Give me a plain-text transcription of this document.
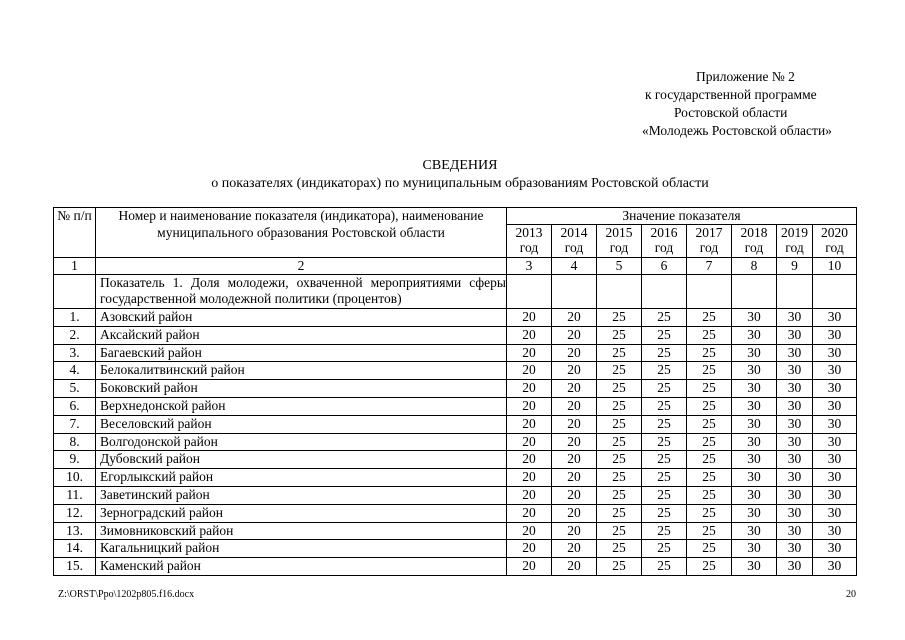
Приложение № 2
к государственной программе
Ростовской области
«Молодежь Ростовской области»
СВЕДЕНИЯ
о показателях (индикаторах) по муниципальным образованиям Ростовской области
№ п/п	Номер и наименование показателя (индикатора), наименование муниципального образования Ростовской области	Значение показателя							
		2013 год	2014 год	2015 год	2016 год	2017 год	2018 год	2019 год	2020 год

1	2	3	4	5	6	7	8	9	10
	Показатель 1. Доля молодежи, охваченной мероприятиями сферы государственной молодежной политики (процентов)								
1.	Азовский район	20	20	25	25	25	30	30	30
2.	Аксайский район	20	20	25	25	25	30	30	30
3.	Багаевский район	20	20	25	25	25	30	30	30
4.	Белокалитвинский район	20	20	25	25	25	30	30	30
5.	Боковский район	20	20	25	25	25	30	30	30
6.	Верхнедонской район	20	20	25	25	25	30	30	30
7.	Веселовский район	20	20	25	25	25	30	30	30
8.	Волгодонской район	20	20	25	25	25	30	30	30
9.	Дубовский район	20	20	25	25	25	30	30	30
10.	Егорлыкский район	20	20	25	25	25	30	30	30
11.	Заветинский район	20	20	25	25	25	30	30	30
12.	Зерноградский район	20	20	25	25	25	30	30	30
13.	Зимовниковский район	20	20	25	25	25	30	30	30
14.	Кагальницкий район	20	20	25	25	25	30	30	30
15.	Каменский район	20	20	25	25	25	30	30	30
Z:\ORST\Ppo\1202p805.f16.docx	20
